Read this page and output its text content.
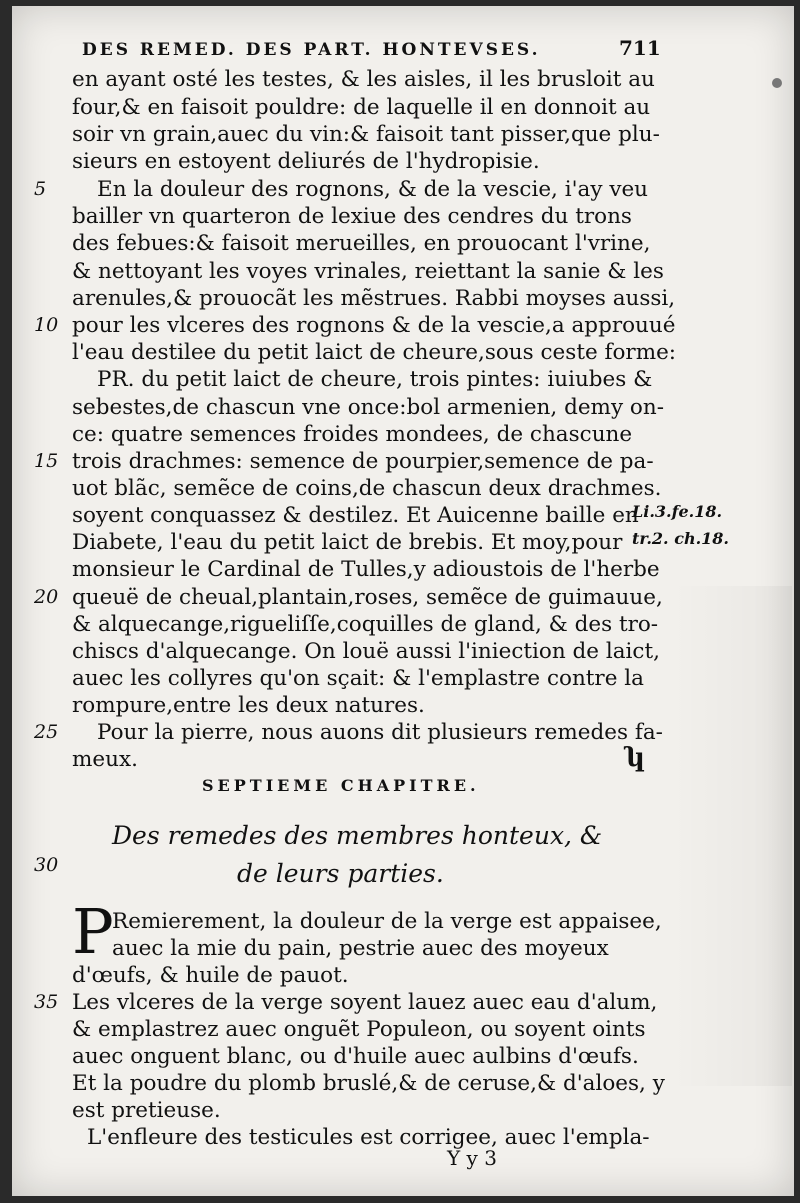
DES REMED. DES PART. HONTEVSES.	711
en ayant osté les testes, & les aisles, il les brusloit au
four,& en faisoit pouldre: de laquelle il en donnoit au
soir vn grain,auec du vin:& faisoit tant pisser,que plu-
sieurs en estoyent deliurés de l'hydropisie.
En la douleur des rognons, & de la vescie, i'ay veu
bailler vn quarteron de lexiue des cendres du trons
des febues:& faisoit merueilles, en prouocant l'vrine,
& nettoyant les voyes vrinales, reiettant la sanie & les
arenules,& prouocãt les mẽstrues. Rabbi moyses aussi,
pour les vlceres des rognons & de la vescie,a approuué
l'eau destilee du petit laict de cheure,sous ceste forme:
PR. du petit laict de cheure, trois pintes: iuiubes &
sebestes,de chascun vne once:bol armenien, demy on-
ce: quatre semences froides mondees, de chascune
trois drachmes: semence de pourpier,semence de pa-
uot blãc, semẽce de coins,de chascun deux drachmes.
soyent conquassez & destilez. Et Auicenne baille en
Diabete, l'eau du petit laict de brebis. Et moy,pour
monsieur le Cardinal de Tulles,y adioustois de l'herbe
queuë de cheual,plantain,roses, semẽce de guimauue,
& alquecange,rigueliſſe,coquilles de gland, & des tro-
chiscs d'alquecange. On louë aussi l'iniection de laict,
auec les collyres qu'on sçait: & l'emplastre contre la
rompure,entre les deux natures.
Pour la pierre, nous auons dit plusieurs remedes fa-
meux.
5
10
15
20
25
30
35
Li.3.fe.18.
tr.2. ch.18.
ʮ
SEPTIEME CHAPITRE.
Des remedes des membres honteux, &
de leurs parties.
P
Remierement, la douleur de la verge est appaisee,
auec la mie du pain, pestrie auec des moyeux
d'œufs, & huile de pauot.
Les vlceres de la verge soyent lauez auec eau d'alum,
& emplastrez auec onguẽt Populeon, ou soyent oints
auec onguent blanc, ou d'huile auec aulbins d'œufs.
Et la poudre du plomb bruslé,& de ceruse,& d'aloes, y
est pretieuse.
L'enfleure des testicules est corrigee, auec l'empla-
Y y 3
